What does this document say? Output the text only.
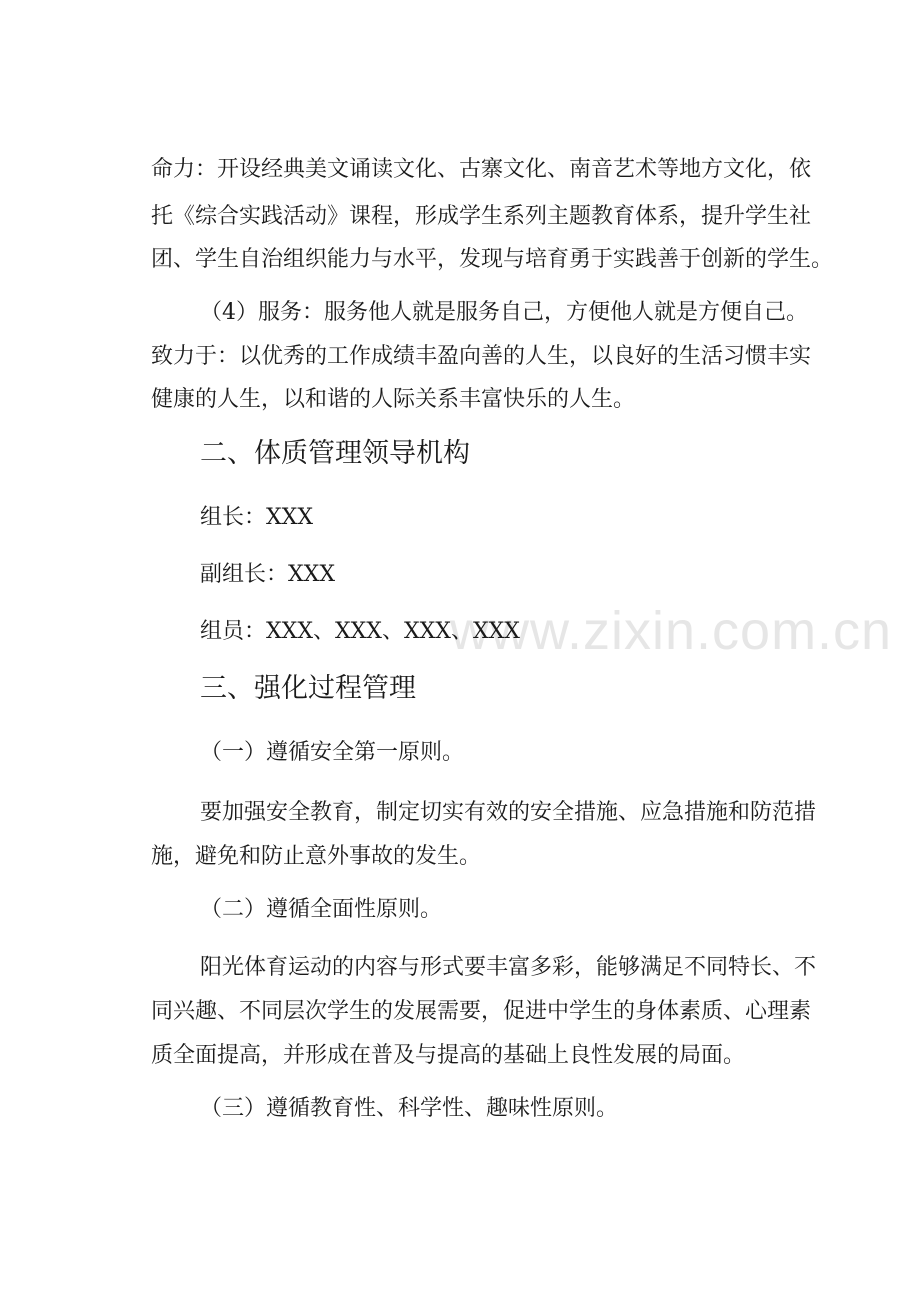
www.zixin.com.cn

命力：开设经典美文诵读文化、古寨文化、南音艺术等地方文化，依

托《综合实践活动》课程，形成学生系列主题教育体系，提升学生社

团、学生自治组织能力与水平，发现与培育勇于实践善于创新的学生。

（4）服务：服务他人就是服务自己，方便他人就是方便自己。

致力于：以优秀的工作成绩丰盈向善的人生，以良好的生活习惯丰实

健康的人生，以和谐的人际关系丰富快乐的人生。

二、体质管理领导机构

组长：XXX

副组长：XXX

组员：XXX、XXX、XXX、XXX

三、强化过程管理

（一）遵循安全第一原则。

要加强安全教育，制定切实有效的安全措施、应急措施和防范措

施，避免和防止意外事故的发生。

（二）遵循全面性原则。

阳光体育运动的内容与形式要丰富多彩，能够满足不同特长、不

同兴趣、不同层次学生的发展需要，促进中学生的身体素质、心理素

质全面提高，并形成在普及与提高的基础上良性发展的局面。

（三）遵循教育性、科学性、趣味性原则。
